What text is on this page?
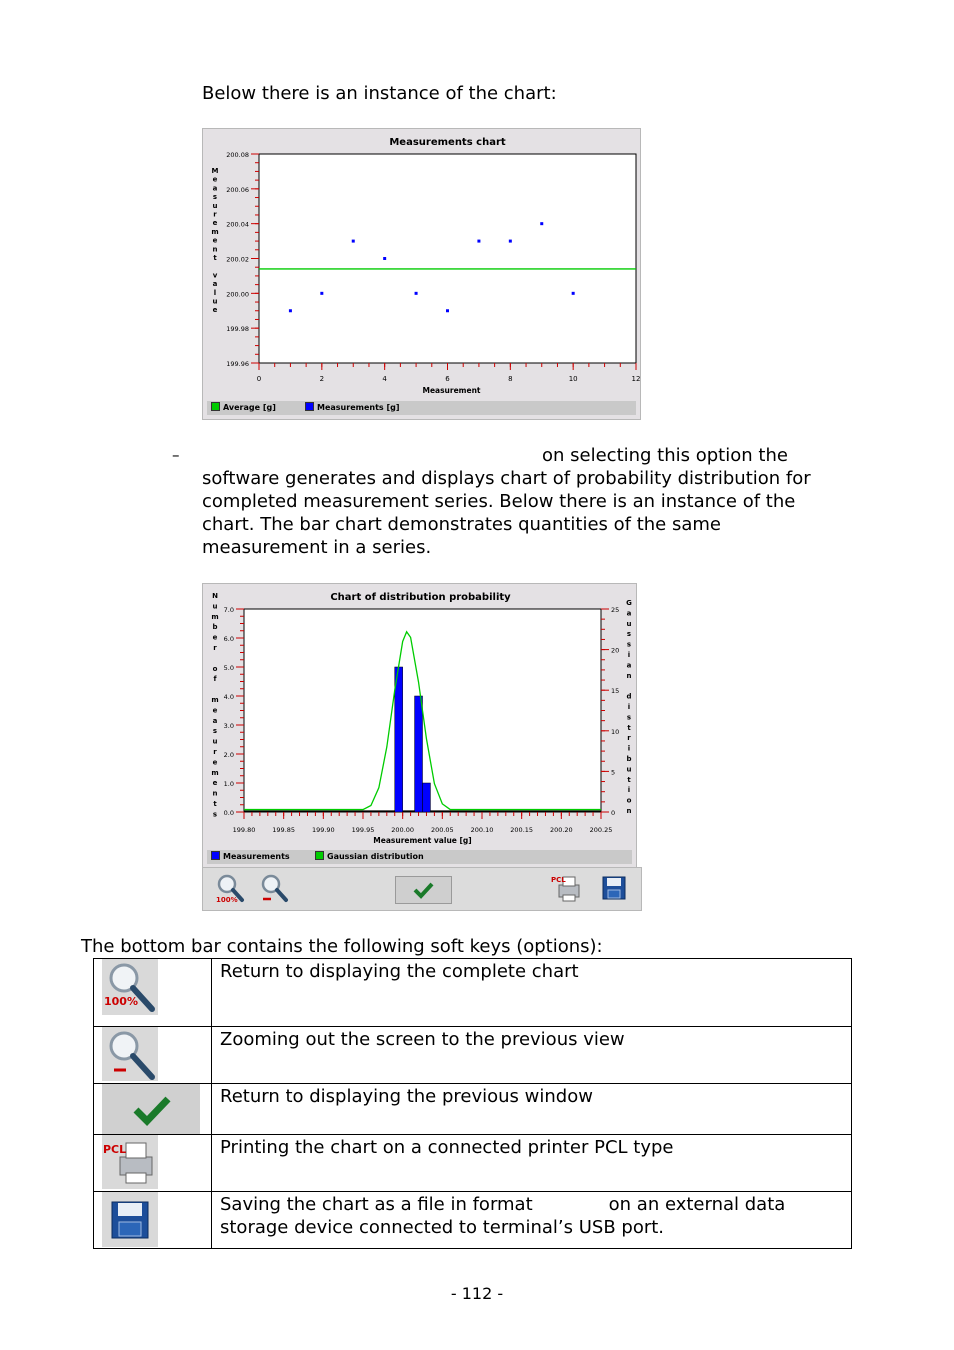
Below there is an instance of the chart:
Measurements chart
199.96
199.98
200.00
200.02
200.04
200.06
200.08
0	2	4	6	8	10	12
Measurement
M
e
a
s
u
r
e
m
e
n
t
v
a
l
u
e
Average [g]	Measurements [g]
–	on selecting this option the
software generates and displays chart of probability distribution for
completed measurement series. Below there is an instance of the
chart. The bar chart demonstrates quantities of the same
measurement in a series.
Chart of distribution probability
0.0
1.0
2.0
3.0
4.0
5.0
6.0
7.0
0
5
10
15
20
25
199.80	199.85	199.90	199.95	200.00	200.05	200.10	200.15	200.20	200.25
Measurement value [g]
N
u
m
b
e
r
o
f
m
e
a
s
u
r
e
m
e
n
t
s
G
a
u
s
s
i
a
n
d
i
s
t
r
i
b
u
t
i
o
n
Measurements	Gaussian distribution
100%
PCL
The bottom bar contains the following soft keys (options):
100%	Return to displaying the complete chart

	Zooming out the screen to the previous view

	Return to displaying the previous window

PCL	Printing the chart on a connected printer PCL type

	Saving the chart as a file in format on an external data
storage device connected to terminal’s USB port.
- 112 -
